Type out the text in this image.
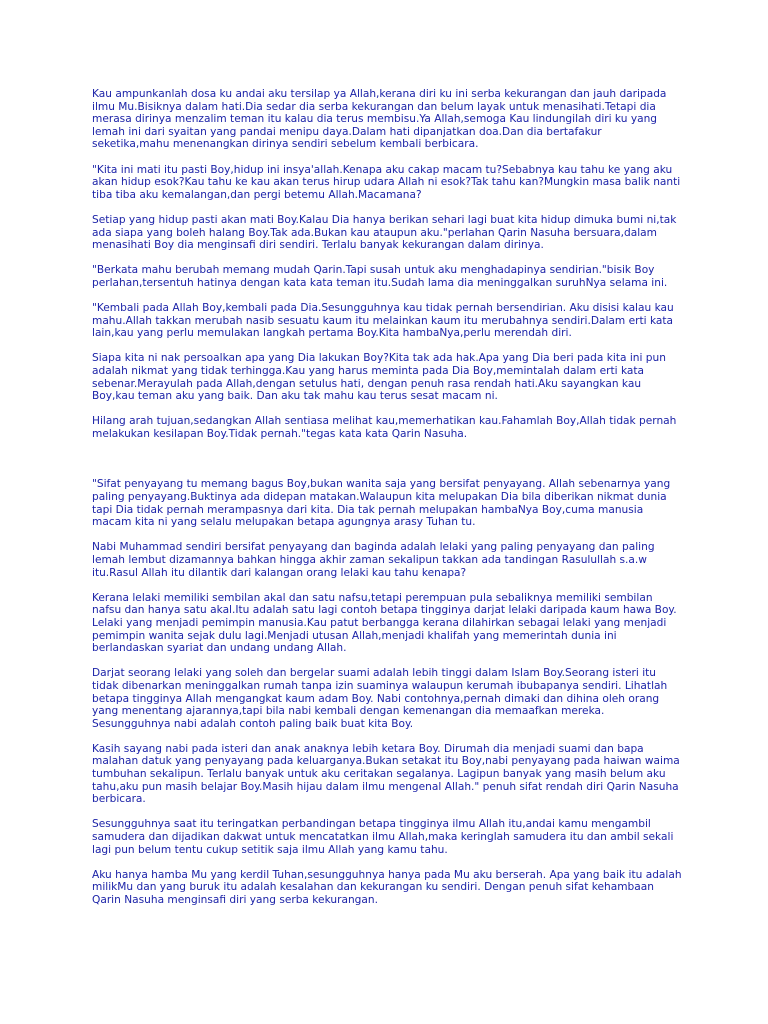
Kau ampunkanlah dosa ku andai aku tersilap ya Allah,kerana diri ku ini serba kekurangan dan jauh daripada ilmu Mu.Bisiknya dalam hati.Dia sedar dia serba kekurangan dan belum layak untuk menasihati.Tetapi dia merasa dirinya menzalim teman itu kalau dia terus membisu.Ya Allah,semoga Kau lindungilah diri ku yang lemah ini dari syaitan yang pandai menipu daya.Dalam hati dipanjatkan doa.Dan dia bertafakur seketika,mahu menenangkan dirinya sendiri sebelum kembali berbicara.

"Kita ini mati itu pasti Boy,hidup ini insya'allah.Kenapa aku cakap macam tu?Sebabnya kau tahu ke yang aku akan hidup esok?Kau tahu ke kau akan terus hirup udara Allah ni esok?Tak tahu kan?Mungkin masa balik nanti tiba tiba aku kemalangan,dan pergi betemu Allah.Macamana?

Setiap yang hidup pasti akan mati Boy.Kalau Dia hanya berikan sehari lagi buat kita hidup dimuka bumi ni,tak ada siapa yang boleh halang Boy.Tak ada.Bukan kau ataupun aku."perlahan Qarin Nasuha bersuara,dalam menasihati Boy dia menginsafi diri sendiri. Terlalu banyak kekurangan dalam dirinya.

"Berkata mahu berubah memang mudah Qarin.Tapi susah untuk aku menghadapinya sendirian."bisik Boy perlahan,tersentuh hatinya dengan kata kata teman itu.Sudah lama dia meninggalkan suruhNya selama ini.

"Kembali pada Allah Boy,kembali pada Dia.Sesungguhnya kau tidak pernah bersendirian. Aku disisi kalau kau mahu.Allah takkan merubah nasib sesuatu kaum itu melainkan kaum itu merubahnya sendiri.Dalam erti kata lain,kau yang perlu memulakan langkah pertama Boy.Kita hambaNya,perlu merendah diri.

Siapa kita ni nak persoalkan apa yang Dia lakukan Boy?Kita tak ada hak.Apa yang Dia beri pada kita ini pun adalah nikmat yang tidak terhingga.Kau yang harus meminta pada Dia Boy,memintalah dalam erti kata sebenar.Merayulah pada Allah,dengan setulus hati, dengan penuh rasa rendah hati.Aku sayangkan kau Boy,kau teman aku yang baik. Dan aku tak mahu kau terus sesat macam ni.

Hilang arah tujuan,sedangkan Allah sentiasa melihat kau,memerhatikan kau.Fahamlah Boy,Allah tidak pernah melakukan kesilapan Boy.Tidak pernah."tegas kata kata Qarin Nasuha.

"Sifat penyayang tu memang bagus Boy,bukan wanita saja yang bersifat penyayang. Allah sebenarnya yang paling penyayang.Buktinya ada didepan matakan.Walaupun kita melupakan Dia bila diberikan nikmat dunia tapi Dia tidak pernah merampasnya dari kita. Dia tak pernah melupakan hambaNya Boy,cuma manusia macam kita ni yang selalu melupakan betapa agungnya arasy Tuhan tu.

Nabi Muhammad sendiri bersifat penyayang dan baginda adalah lelaki yang paling penyayang dan paling lemah lembut dizamannya bahkan hingga akhir zaman sekalipun takkan ada tandingan Rasulullah s.a.w itu.Rasul Allah itu dilantik dari kalangan orang lelaki kau tahu kenapa?

Kerana lelaki memiliki sembilan akal dan satu nafsu,tetapi perempuan pula sebaliknya memiliki sembilan nafsu dan hanya satu akal.Itu adalah satu lagi contoh betapa tingginya darjat lelaki daripada kaum hawa Boy. Lelaki yang menjadi pemimpin manusia.Kau patut berbangga kerana dilahirkan sebagai lelaki yang menjadi pemimpin wanita sejak dulu lagi.Menjadi utusan Allah,menjadi khalifah yang memerintah dunia ini berlandaskan syariat dan undang undang Allah.

Darjat seorang lelaki yang soleh dan bergelar suami adalah lebih tinggi dalam Islam Boy.Seorang isteri itu tidak dibenarkan meninggalkan rumah tanpa izin suaminya walaupun kerumah ibubapanya sendiri. Lihatlah betapa tingginya Allah mengangkat kaum adam Boy. Nabi contohnya,pernah dimaki dan dihina oleh orang yang menentang ajarannya,tapi bila nabi kembali dengan kemenangan dia memaafkan mereka. Sesungguhnya nabi adalah contoh paling baik buat kita Boy.

Kasih sayang nabi pada isteri dan anak anaknya lebih ketara Boy. Dirumah dia menjadi suami dan bapa malahan datuk yang penyayang pada keluarganya.Bukan setakat itu Boy,nabi penyayang pada haiwan waima tumbuhan sekalipun. Terlalu banyak untuk aku ceritakan segalanya. Lagipun banyak yang masih belum aku tahu,aku pun masih belajar Boy.Masih hijau dalam ilmu mengenal Allah." penuh sifat rendah diri Qarin Nasuha berbicara.

Sesungguhnya saat itu teringatkan perbandingan betapa tingginya ilmu Allah itu,andai kamu mengambil samudera dan dijadikan dakwat untuk mencatatkan ilmu Allah,maka keringlah samudera itu dan ambil sekali lagi pun belum tentu cukup setitik saja ilmu Allah yang kamu tahu.

Aku hanya hamba Mu yang kerdil Tuhan,sesungguhnya hanya pada Mu aku berserah. Apa yang baik itu adalah milikMu dan yang buruk itu adalah kesalahan dan kekurangan ku sendiri. Dengan penuh sifat kehambaan Qarin Nasuha menginsafi diri yang serba kekurangan.
